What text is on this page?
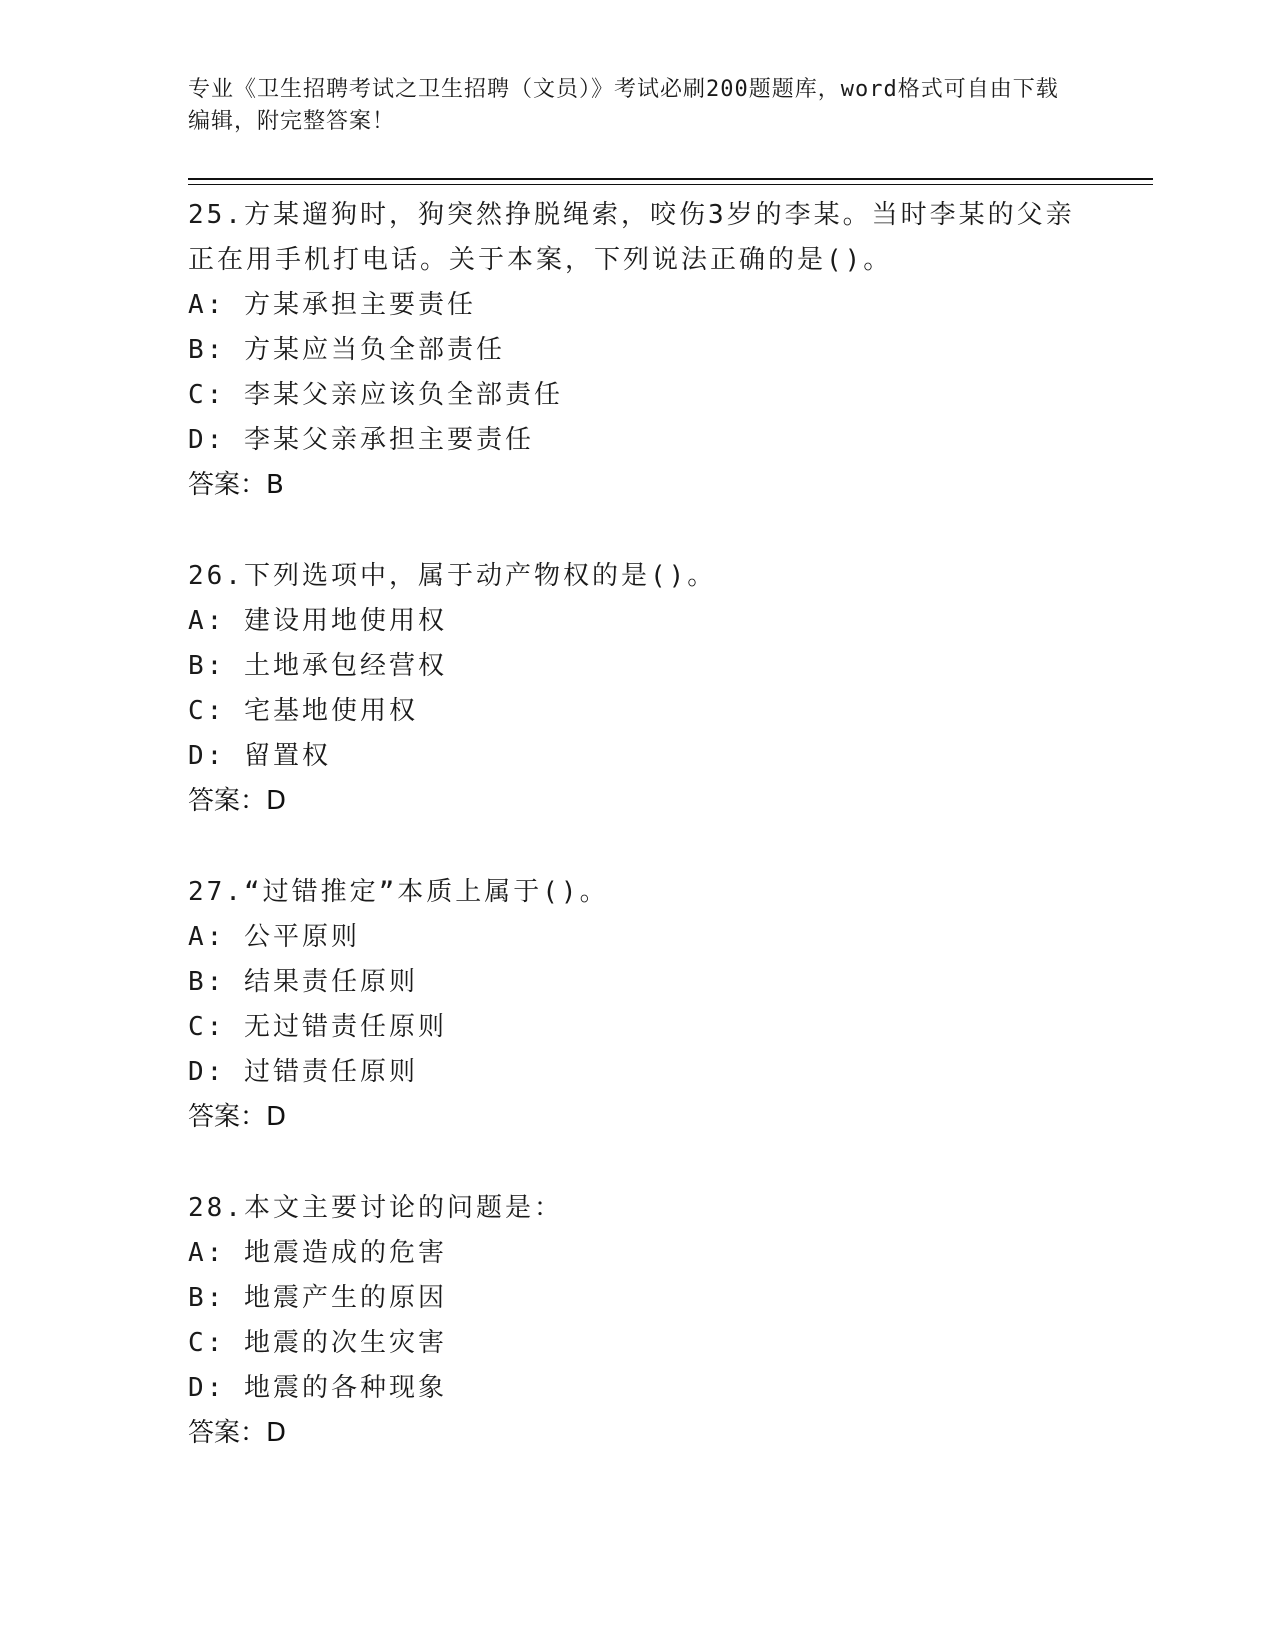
专业《卫生招聘考试之卫生招聘（文员）》考试必刷200题题库，word格式可自由下载编辑，附完整答案！

25.方某遛狗时，狗突然挣脱绳索，咬伤3岁的李某。当时李某的父亲正在用手机打电话。关于本案，下列说法正确的是()。

A: 方某承担主要责任

B: 方某应当负全部责任

C: 李某父亲应该负全部责任

D: 李某父亲承担主要责任

答案：B

26.下列选项中，属于动产物权的是()。

A: 建设用地使用权

B: 土地承包经营权

C: 宅基地使用权

D: 留置权

答案：D

27.“过错推定”本质上属于()。

A: 公平原则

B: 结果责任原则

C: 无过错责任原则

D: 过错责任原则

答案：D

28.本文主要讨论的问题是：

A: 地震造成的危害

B: 地震产生的原因

C: 地震的次生灾害

D: 地震的各种现象

答案：D
